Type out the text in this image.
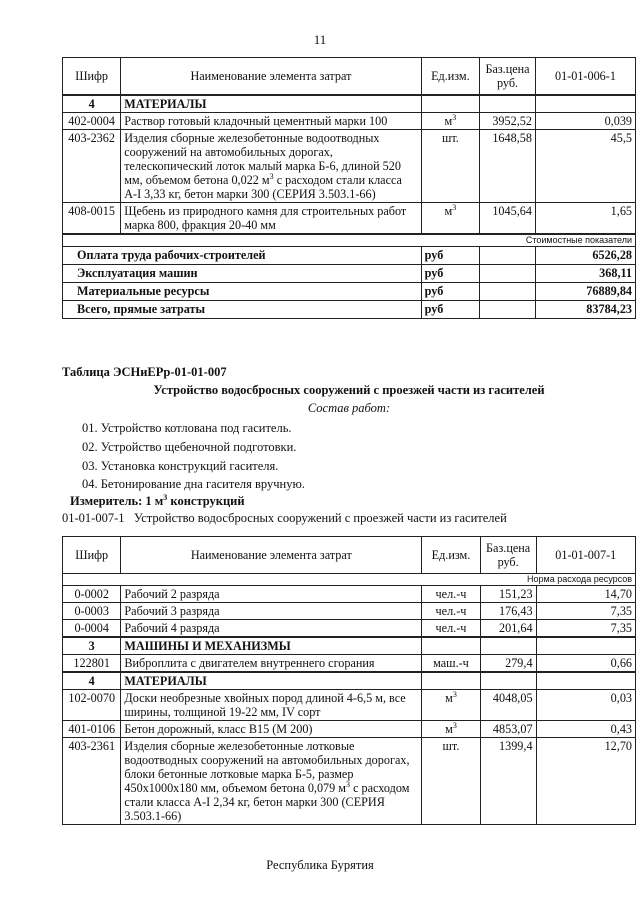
11
Шифр	Наименование элемента затрат	Ед.изм.	Баз.цена руб.	01-01-006-1
4	МАТЕРИАЛЫ			
402-0004	Раствор готовый кладочный цементный марки 100	$м^3$	3952,52	0,039
403-2362	Изделия сборные железобетонные водоотводных сооружений на автомобильных дорогах, телескопический лоток малый марка Б-6, длиной 520 мм, объемом бетона 0,022 $м^3$ с расходом стали класса А-I 3,33 кг, бетон марки 300 (СЕРИЯ 3.503.1-66)	шт.	1648,58	45,5
408-0015	Щебень из природного камня для строительных работ марка 800, фракция 20-40 мм	$м^3$	1045,64	1,65
Стоимостные показатели				
Оплата труда рабочих-строителей		руб		6526,28
Эксплуатация машин		руб		368,11
Материальные ресурсы		руб		76889,84
Всего, прямые затраты		руб		83784,23
Таблица ЭСНиЕРр-01-01-007
Устройство водосбросных сооружений с проезжей части из гасителей
Состав работ:
01. Устройство котлована под гаситель.
02. Устройство щебеночной подготовки.
03. Установка конструкций гасителя.
04. Бетонирование дна гасителя вручную.
Измеритель: 1 $м^3$ конструкций
01-01-007-1   Устройство водосбросных сооружений с проезжей части из гасителей
Шифр	Наименование элемента затрат	Ед.изм.	Баз.цена руб.	01-01-007-1
Норма расхода ресурсов				
0-0002	Рабочий 2 разряда	чел.-ч	151,23	14,70
0-0003	Рабочий 3 разряда	чел.-ч	176,43	7,35
0-0004	Рабочий 4 разряда	чел.-ч	201,64	7,35
3	МАШИНЫ И МЕХАНИЗМЫ			
122801	Виброплита с двигателем внутреннего сгорания	маш.-ч	279,4	0,66
4	МАТЕРИАЛЫ			
102-0070	Доски необрезные хвойных пород длиной 4-6,5 м, все ширины, толщиной 19-22 мм, IV сорт	$м^3$	4048,05	0,03
401-0106	Бетон дорожный, класс В15 (М 200)	$м^3$	4853,07	0,43
403-2361	Изделия сборные железобетонные лотковые водоотводных сооружений на автомобильных дорогах, блоки бетонные лотковые марка Б-5, размер 450х1000х180 мм, объемом бетона 0,079 $м^3$ с расходом стали класса А-I 2,34 кг, бетон марки 300 (СЕРИЯ 3.503.1-66)	шт.	1399,4	12,70
Республика Бурятия
